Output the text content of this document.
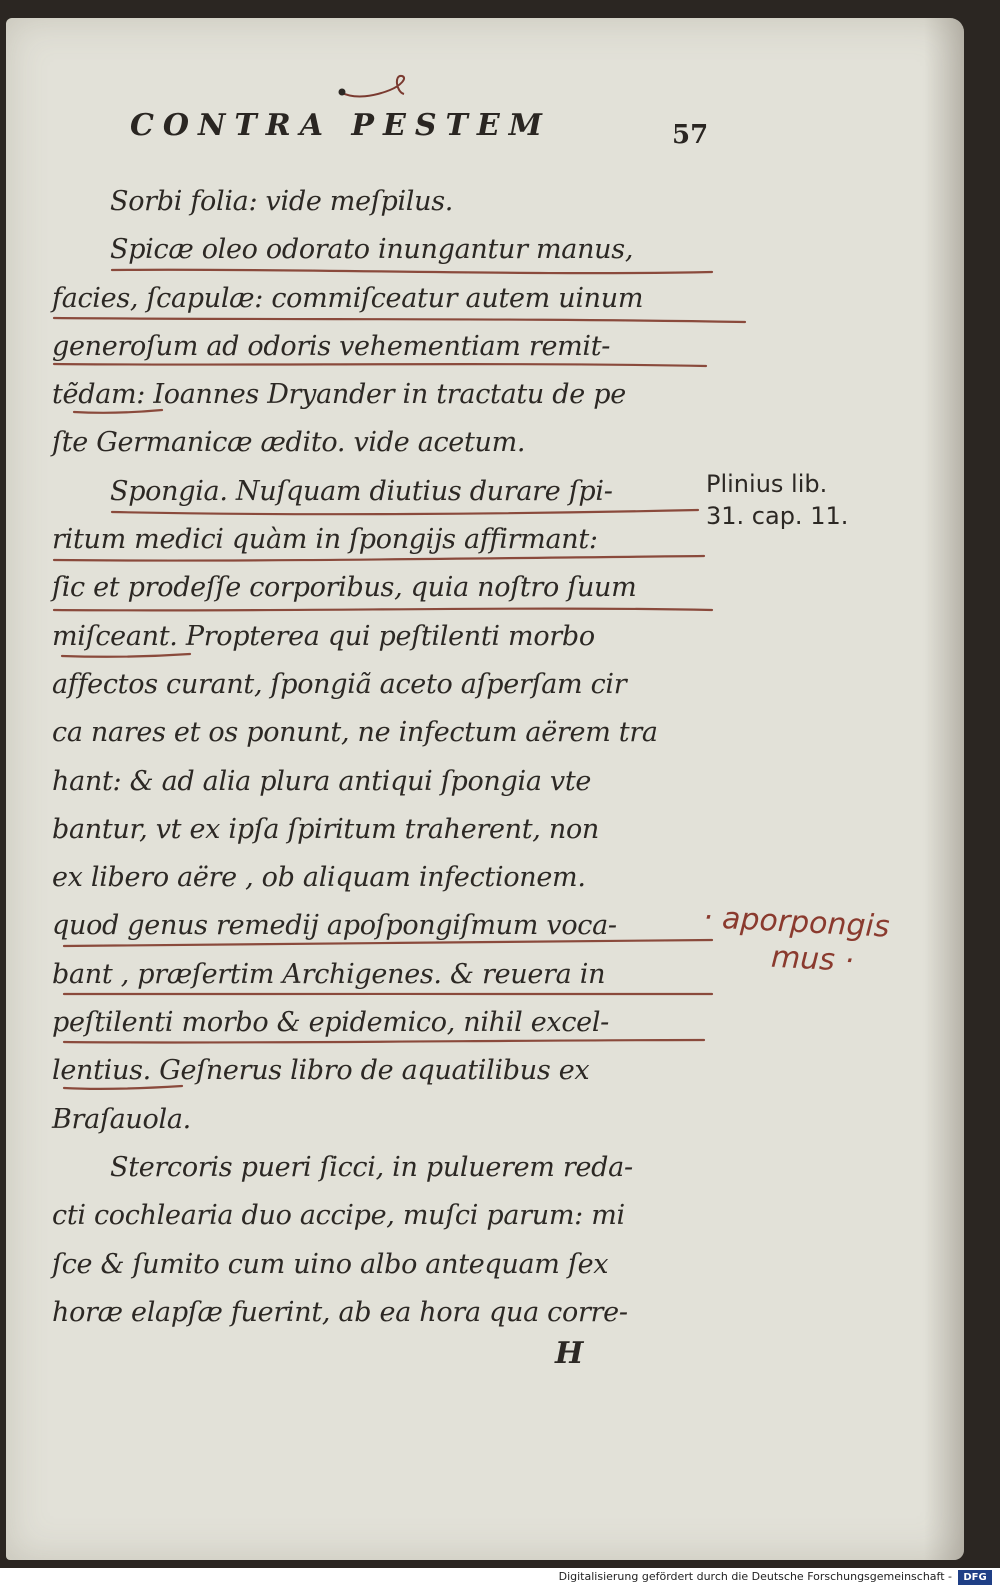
CONTRA PESTEM	57
Sorbi folia: vide meſpilus.
Spicæ oleo odorato inungantur manus,
facies, ſcapulæ: commiſceatur autem uinum
generoſum ad odoris vehementiam remit-
tẽdam: Ioannes Dryander in tractatu de pe
ſte Germanicæ ædito. vide acetum.
Spongia. Nuſquam diutius durare ſpi-
ritum medici quàm in ſpongijs affirmant:
ſic et prodeſſe corporibus, quia noſtro ſuum
miſceant. Propterea qui peſtilenti morbo
affectos curant, ſpongiã aceto aſperſam cir
ca nares et os ponunt, ne infectum aërem tra
hant: & ad alia plura antiqui ſpongia vte
bantur, vt ex ipſa ſpiritum traherent, non
ex libero aëre , ob aliquam infectionem.
quod genus remedij apoſpongiſmum voca-
bant , præſertim Archigenes. & reuera in
peſtilenti morbo & epidemico, nihil excel-
lentius. Geſnerus libro de aquatilibus ex
Braſauola.
Stercoris pueri ſicci, in puluerem reda-
cti cochlearia duo accipe, muſci parum: mi
ſce & ſumito cum uino albo antequam ſex
horæ elapſæ fuerint, ab ea hora qua corre-
Plinius lib.
31. cap. 11.
· aporpongis
mus ·
H
Digitalisierung gefördert durch die Deutsche Forschungsgemeinschaft -	DFG
